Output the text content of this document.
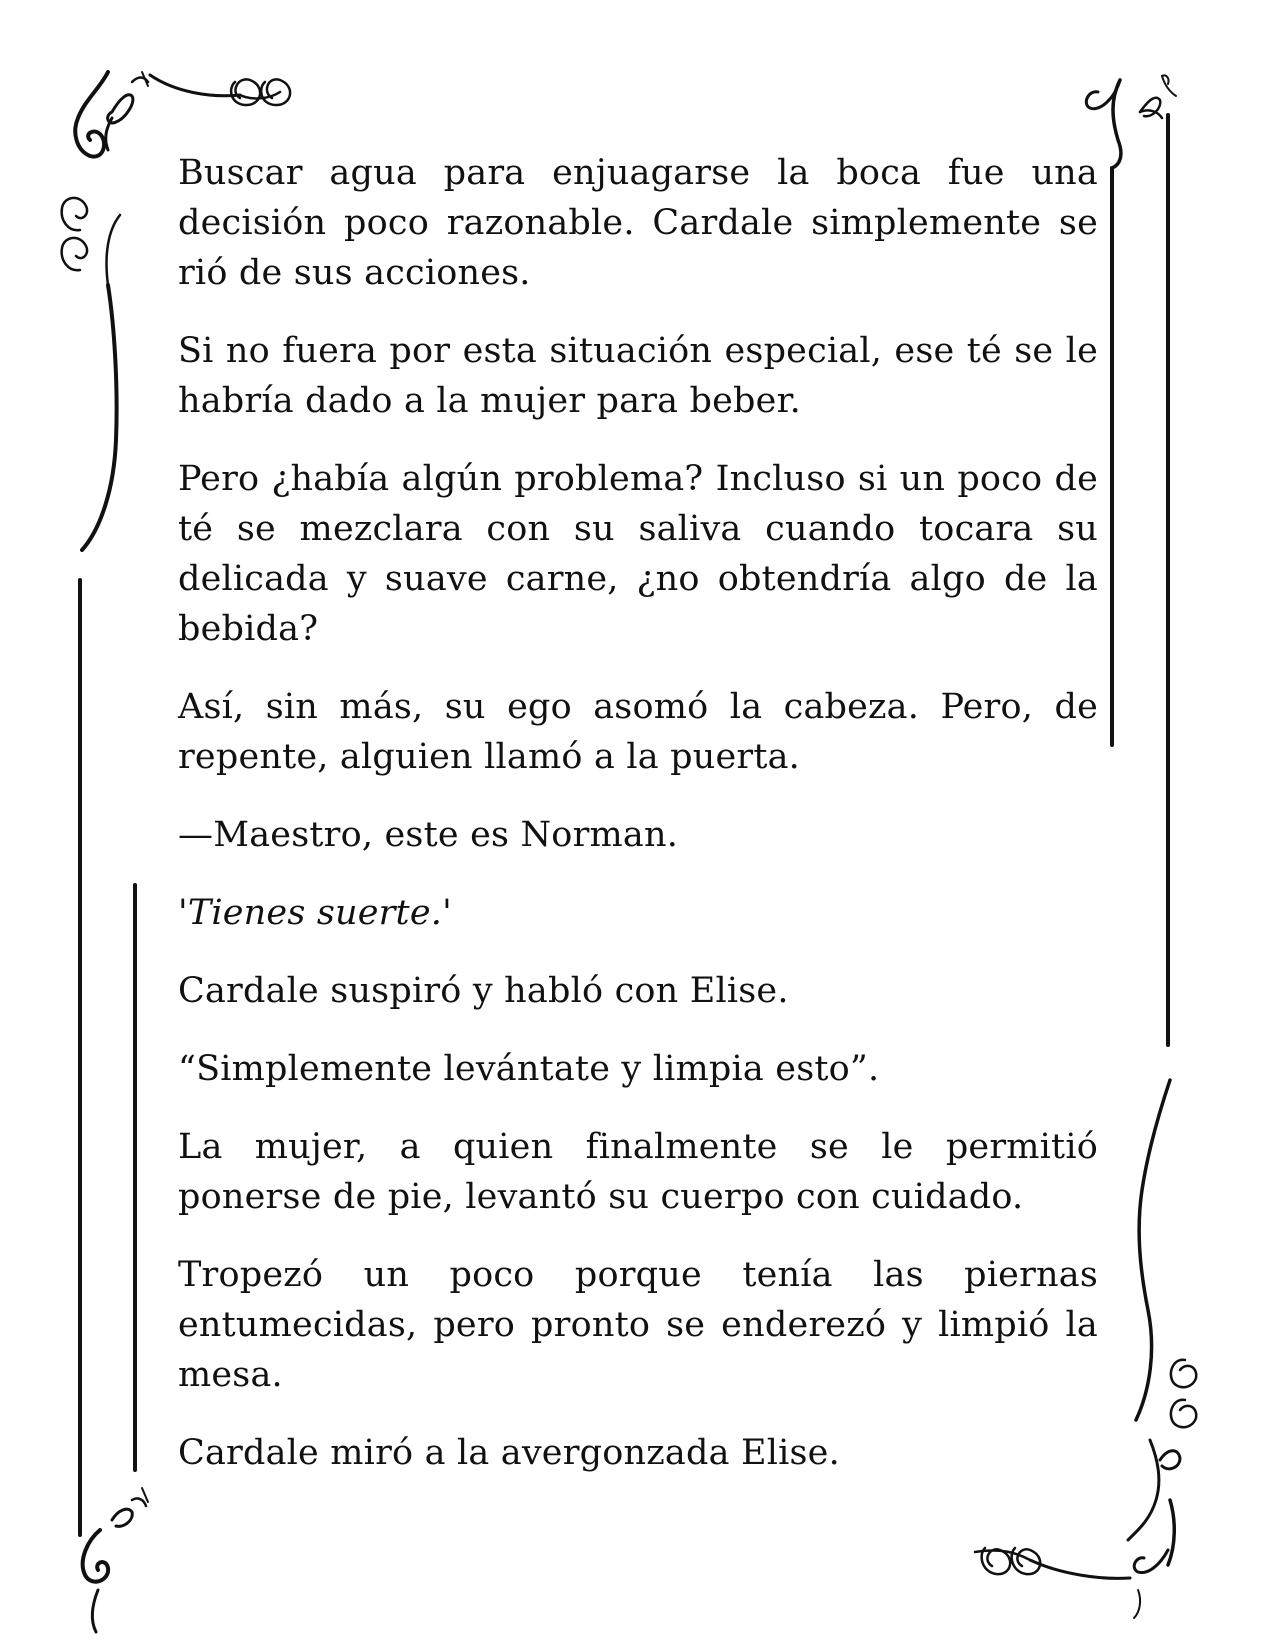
Buscar agua para enjuagarse la boca fue una decisión poco razonable. Cardale simplemente se rió de sus acciones.

Si no fuera por esta situación especial, ese té se le habría dado a la mujer para beber.

Pero ¿había algún problema? Incluso si un poco de té se mezclara con su saliva cuando tocara su delicada y suave carne, ¿no obtendría algo de la bebida?

Así, sin más, su ego asomó la cabeza. Pero, de repente, alguien llamó a la puerta.

—Maestro, este es Norman.

'Tienes suerte.'

Cardale suspiró y habló con Elise.

“Simplemente levántate y limpia esto”.

La mujer, a quien finalmente se le permitió ponerse de pie, levantó su cuerpo con cuidado.

Tropezó un poco porque tenía las piernas entumecidas, pero pronto se enderezó y limpió la mesa.

Cardale miró a la avergonzada Elise.
